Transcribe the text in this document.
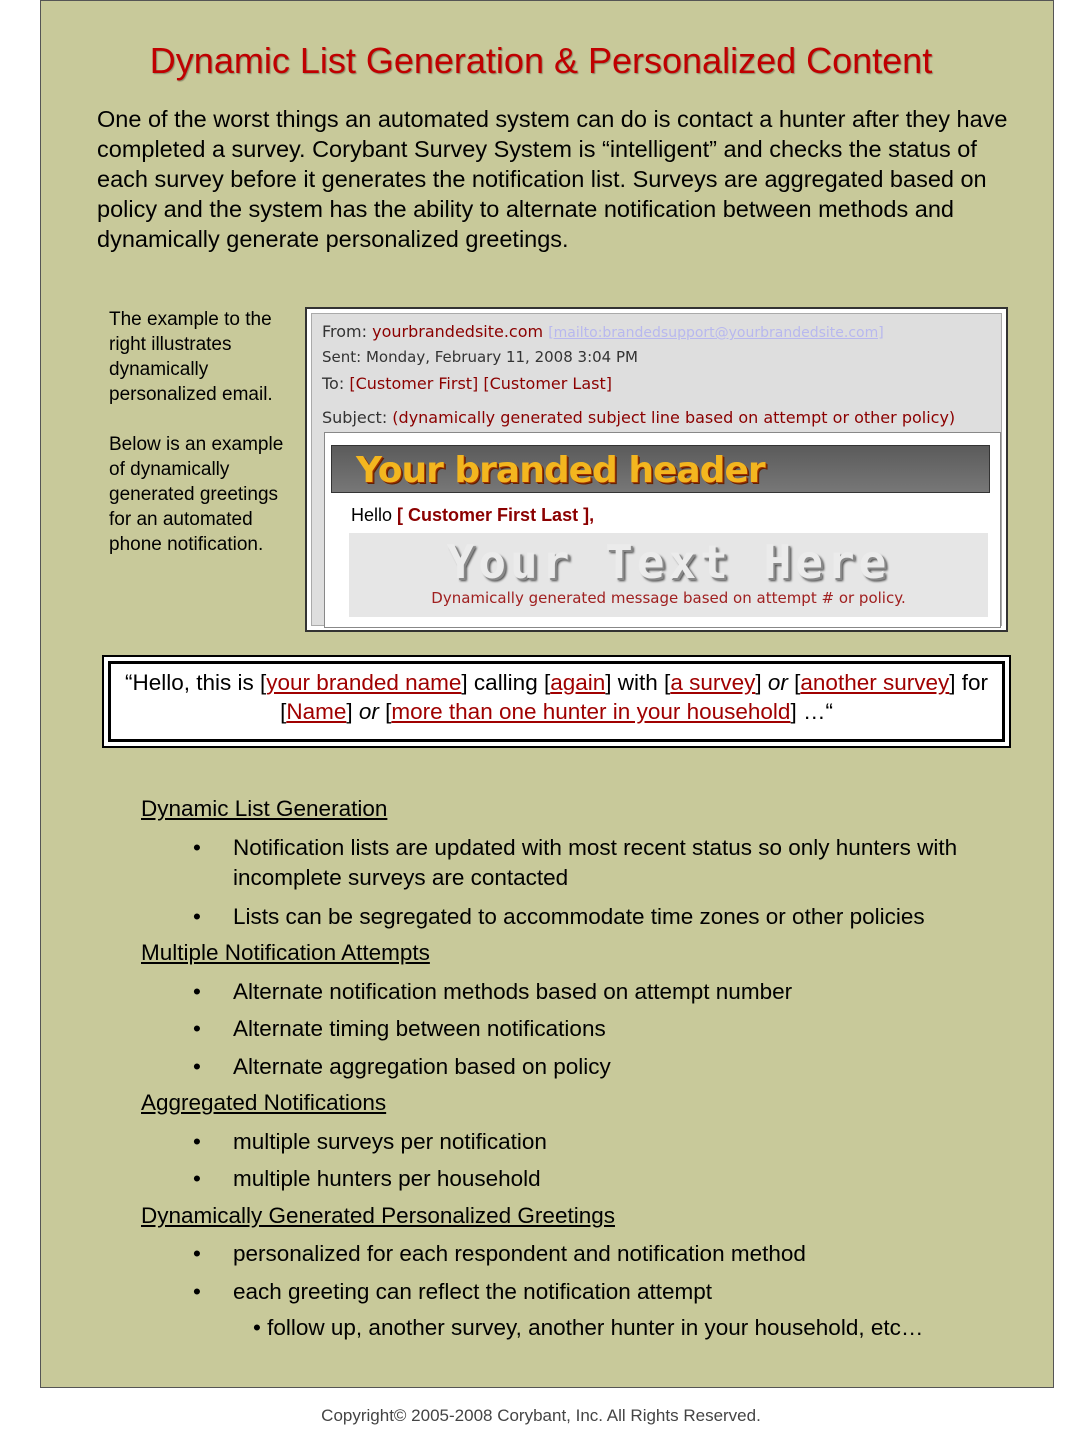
Dynamic List Generation & Personalized Content
One of the worst things an automated system can do is contact a hunter after they have completed a survey. Corybant Survey System is “intelligent” and checks the status of each survey before it generates the notification list. Surveys are aggregated based on policy and the system has the ability to alternate notification between methods and dynamically generate personalized greetings.

The example to the right illustrates dynamically personalized email.

Below is an example of dynamically generated greetings for an automated phone notification.

From: yourbrandedsite.com [mailto:brandedsupport@yourbrandedsite.com]
Sent: Monday, February 11, 2008 3:04 PM
To: [Customer First] [Customer Last]
Subject: (dynamically generated subject line based on attempt or other policy)
Your branded header
Hello [ Customer First Last ],
Your Text Here
Dynamically generated message based on attempt # or policy.
“Hello, this is [your branded name] calling [again] with [a survey] or [another survey] for [Name] or [more than one hunter in your household] …“
Dynamic List Generation
• Notification lists are updated with most recent status so only hunters with incomplete surveys are contacted
• Lists can be segregated to accommodate time zones or other policies
Multiple Notification Attempts
• Alternate notification methods based on attempt number
• Alternate timing between notifications
• Alternate aggregation based on policy
Aggregated Notifications
• multiple surveys per notification
• multiple hunters per household
Dynamically Generated Personalized Greetings
• personalized for each respondent and notification method
• each greeting can reflect the notification attempt
• follow up, another survey, another hunter in your household, etc…
Copyright© 2005-2008 Corybant, Inc. All Rights Reserved.
